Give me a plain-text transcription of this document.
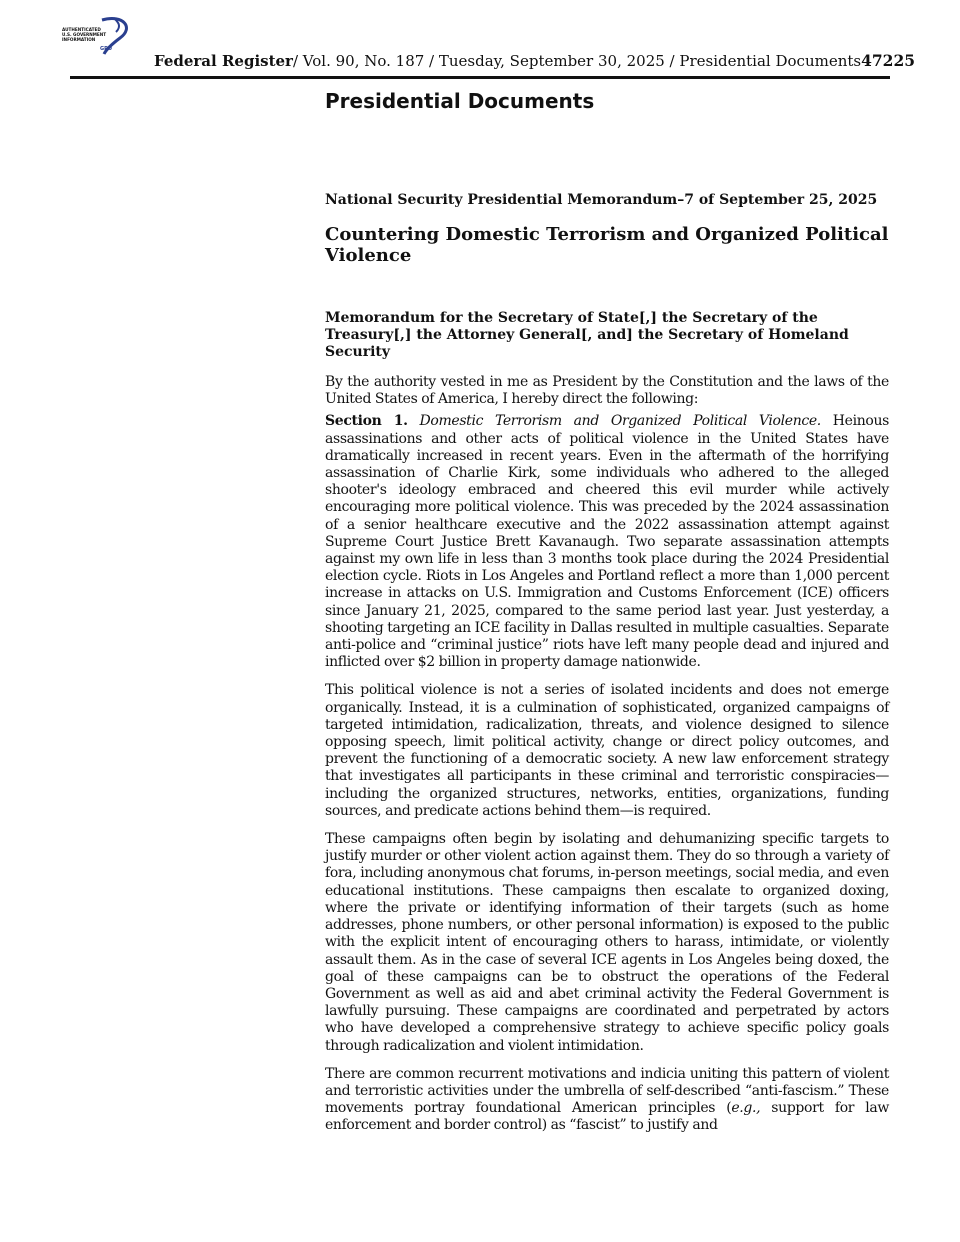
AUTHENTICATED
U.S. GOVERNMENT
INFORMATION
GPO
Federal Register/ Vol. 90, No. 187 / Tuesday, September 30, 2025 / Presidential Documents 47225
Presidential Documents

National Security Presidential Memorandum–7 of September 25, 2025

Countering Domestic Terrorism and Organized Political Violence

Memorandum for the Secretary of State[,] the Secretary of the Treasury[,] the Attorney General[, and] the Secretary of Homeland Security

By the authority vested in me as President by the Constitution and the laws of the United States of America, I hereby direct the following:

Section 1. Domestic Terrorism and Organized Political Violence. Heinous assassinations and other acts of political violence in the United States have dramatically increased in recent years. Even in the aftermath of the horrifying assassination of Charlie Kirk, some individuals who adhered to the alleged shooter's ideology embraced and cheered this evil murder while actively encouraging more political violence. This was preceded by the 2024 assassination of a senior healthcare executive and the 2022 assassination attempt against Supreme Court Justice Brett Kavanaugh. Two separate assassination attempts against my own life in less than 3 months took place during the 2024 Presidential election cycle. Riots in Los Angeles and Portland reflect a more than 1,000 percent increase in attacks on U.S. Immigration and Customs Enforcement (ICE) officers since January 21, 2025, compared to the same period last year. Just yesterday, a shooting targeting an ICE facility in Dallas resulted in multiple casualties. Separate anti-police and “criminal justice” riots have left many people dead and injured and inflicted over $2 billion in property damage nationwide.

This political violence is not a series of isolated incidents and does not emerge organically. Instead, it is a culmination of sophisticated, organized campaigns of targeted intimidation, radicalization, threats, and violence designed to silence opposing speech, limit political activity, change or direct policy outcomes, and prevent the functioning of a democratic society. A new law enforcement strategy that investigates all participants in these criminal and terroristic conspiracies—including the organized structures, networks, entities, organizations, funding sources, and predicate actions behind them—is required.

These campaigns often begin by isolating and dehumanizing specific targets to justify murder or other violent action against them. They do so through a variety of fora, including anonymous chat forums, in-person meetings, social media, and even educational institutions. These campaigns then escalate to organized doxing, where the private or identifying information of their targets (such as home addresses, phone numbers, or other personal information) is exposed to the public with the explicit intent of encouraging others to harass, intimidate, or violently assault them. As in the case of several ICE agents in Los Angeles being doxed, the goal of these campaigns can be to obstruct the operations of the Federal Government as well as aid and abet criminal activity the Federal Government is lawfully pursuing. These campaigns are coordinated and perpetrated by actors who have developed a comprehensive strategy to achieve specific policy goals through radicalization and violent intimidation.

There are common recurrent motivations and indicia uniting this pattern of violent and terroristic activities under the umbrella of self-described “anti-fascism.” These movements portray foundational American principles (e.g., support for law enforcement and border control) as “fascist” to justify and
